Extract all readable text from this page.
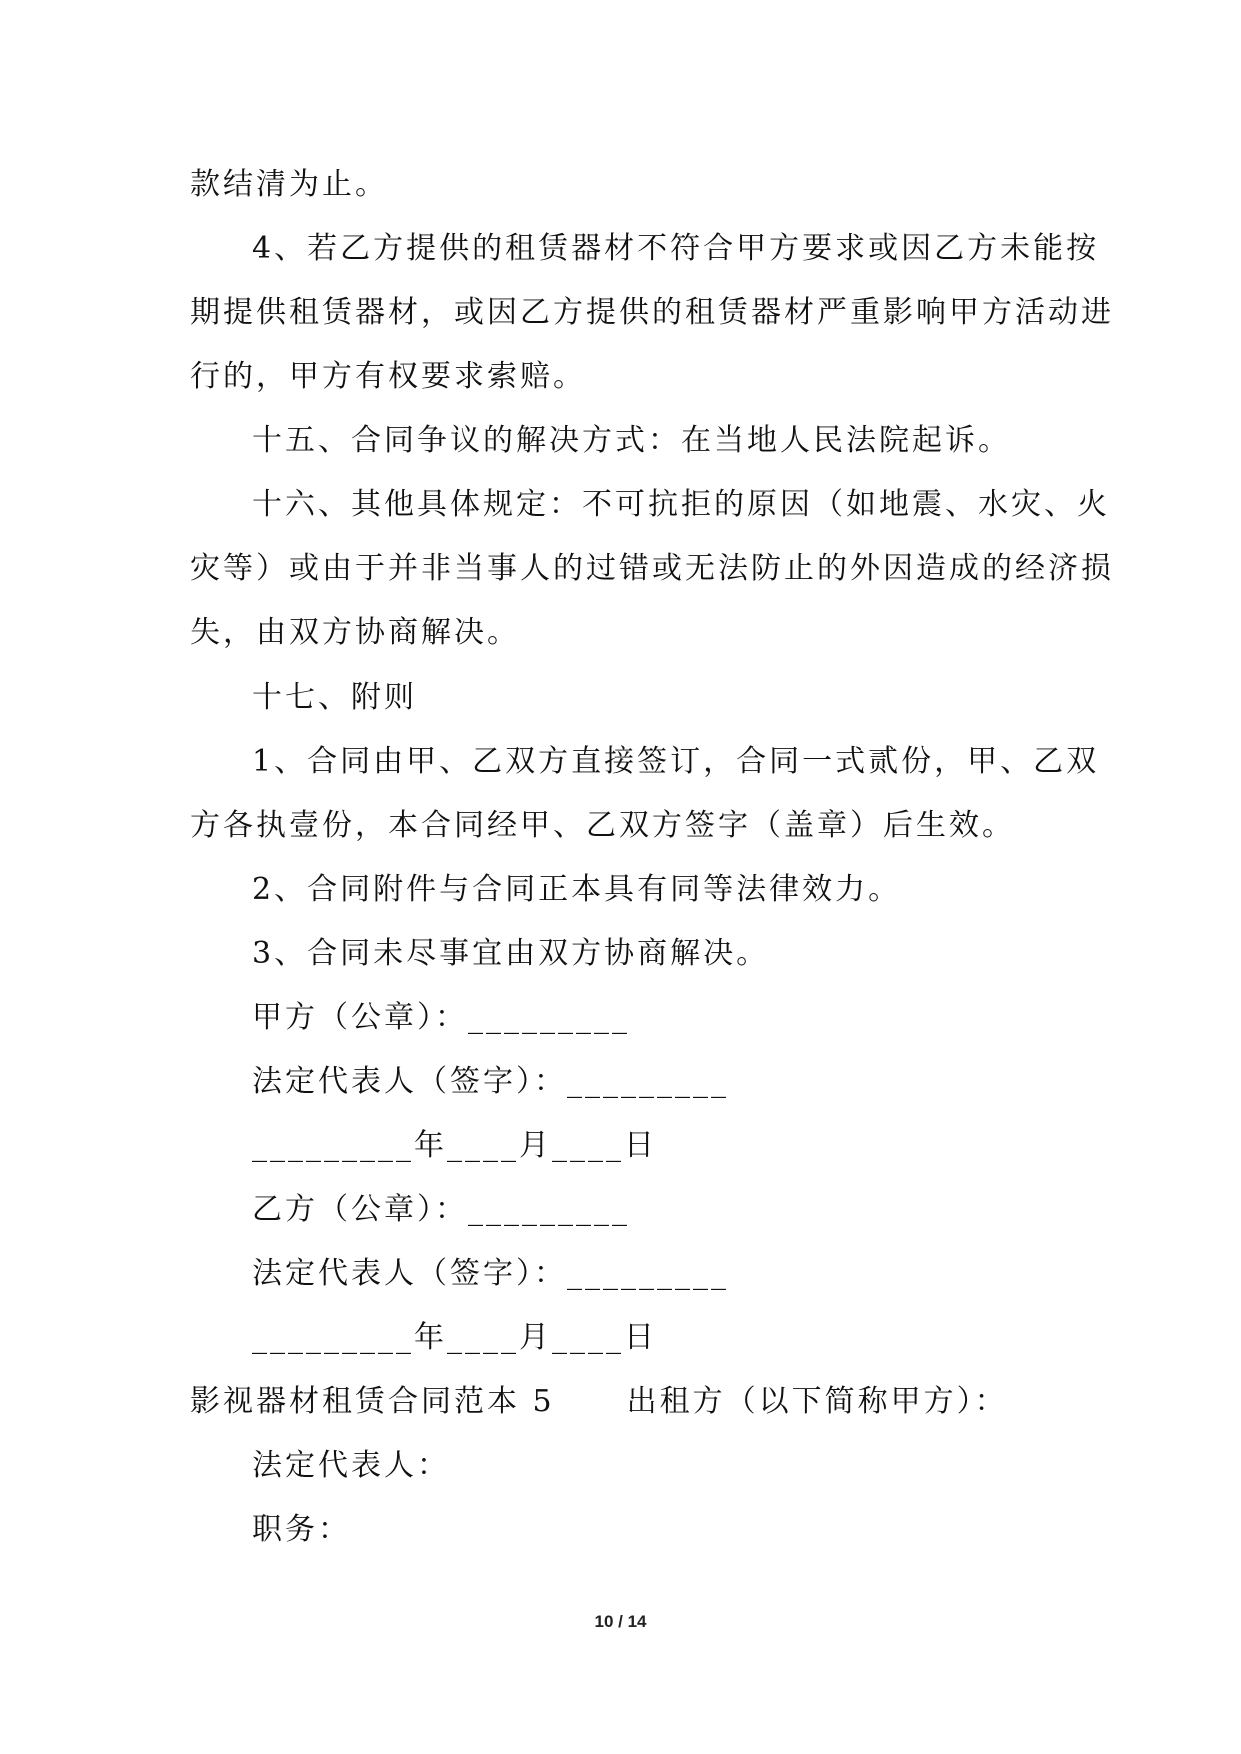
款结清为止。
4、若乙方提供的租赁器材不符合甲方要求或因乙方未能按
期提供租赁器材，或因乙方提供的租赁器材严重影响甲方活动进
行的，甲方有权要求索赔。
十五、合同争议的解决方式：在当地人民法院起诉。
十六、其他具体规定：不可抗拒的原因（如地震、水灾、火
灾等）或由于并非当事人的过错或无法防止的外因造成的经济损
失，由双方协商解决。
十七、附则
1、合同由甲、乙双方直接签订，合同一式贰份，甲、乙双
方各执壹份，本合同经甲、乙双方签字（盖章）后生效。
2、合同附件与合同正本具有同等法律效力。
3、合同未尽事宜由双方协商解决。
甲方（公章）：_________
法定代表人（签字）：_________
_________年____月____日
乙方（公章）：_________
法定代表人（签字）：_________
_________年____月____日
影视器材租赁合同范本 5 出租方（以下简称甲方）：
法定代表人：
职务：
10 / 14
